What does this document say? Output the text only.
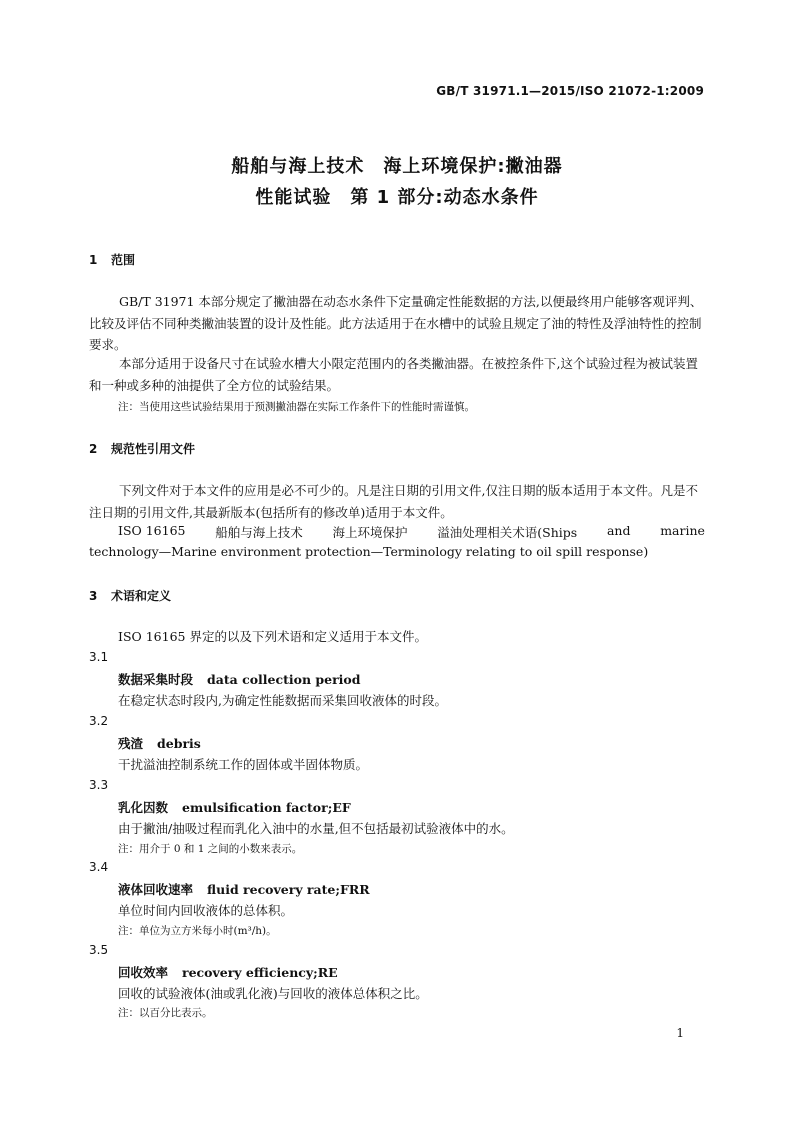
GB/T 31971.1—2015/ISO 21072-1:2009
船舶与海上技术　海上环境保护:撇油器
性能试验　第 1 部分:动态水条件
1 范围
GB/T 31971 本部分规定了撇油器在动态水条件下定量确定性能数据的方法,以便最终用户能够客观评判、比较及评估不同种类撇油装置的设计及性能。此方法适用于在水槽中的试验且规定了油的特性及浮油特性的控制要求。
本部分适用于设备尺寸在试验水槽大小限定范围内的各类撇油器。在被控条件下,这个试验过程为被试装置和一种或多种的油提供了全方位的试验结果。
注：当使用这些试验结果用于预测撇油器在实际工作条件下的性能时需谨慎。
2 规范性引用文件
下列文件对于本文件的应用是必不可少的。凡是注日期的引用文件,仅注日期的版本适用于本文件。凡是不注日期的引用文件,其最新版本(包括所有的修改单)适用于本文件。
ISO 16165 船舶与海上技术 海上环境保护 溢油处理相关术语(Ships and marine
technology—Marine environment protection—Terminology relating to oil spill response)
3 术语和定义
ISO 16165 界定的以及下列术语和定义适用于本文件。
3.1
数据采集时段 data collection period
在稳定状态时段内,为确定性能数据而采集回收液体的时段。
3.2
残渣 debris
干扰溢油控制系统工作的固体或半固体物质。
3.3
乳化因数 emulsification factor;EF
由于撇油/抽吸过程而乳化入油中的水量,但不包括最初试验液体中的水。
注：用介于 0 和 1 之间的小数来表示。
3.4
液体回收速率 fluid recovery rate;FRR
单位时间内回收液体的总体积。
注：单位为立方米每小时(m³/h)。
3.5
回收效率 recovery efficiency;RE
回收的试验液体(油或乳化液)与回收的液体总体积之比。
注：以百分比表示。
1
